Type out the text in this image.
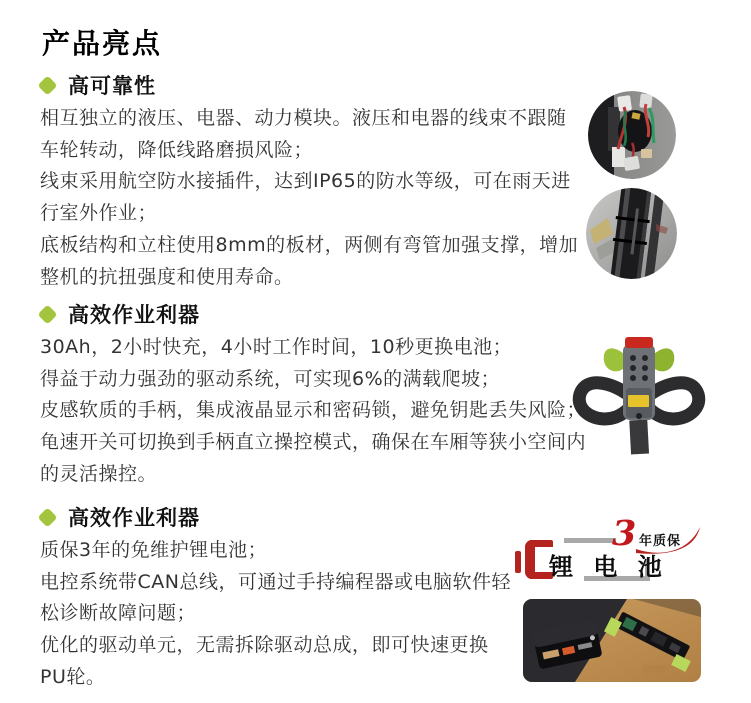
产品亮点
高可靠性
相互独立的液压、电器、动力模块。液压和电器的线束不跟随
车轮转动，降低线路磨损风险；
线束采用航空防水接插件，达到IP65的防水等级，可在雨天进
行室外作业；
底板结构和立柱使用8mm的板材，两侧有弯管加强支撑，增加
整机的抗扭强度和使用寿命。
高效作业利器
30Ah，2小时快充，4小时工作时间，10秒更换电池；
得益于动力强劲的驱动系统，可实现6%的满载爬坡；
皮感软质的手柄，集成液晶显示和密码锁，避免钥匙丢失风险；
龟速开关可切换到手柄直立操控模式，确保在车厢等狭小空间内
的灵活操控。
高效作业利器
质保3年的免维护锂电池；
电控系统带CAN总线，可通过手持编程器或电脑软件轻
松诊断故障问题；
优化的驱动单元，无需拆除驱动总成，即可快速更换
PU轮。
3 年质保
锂 电 池
